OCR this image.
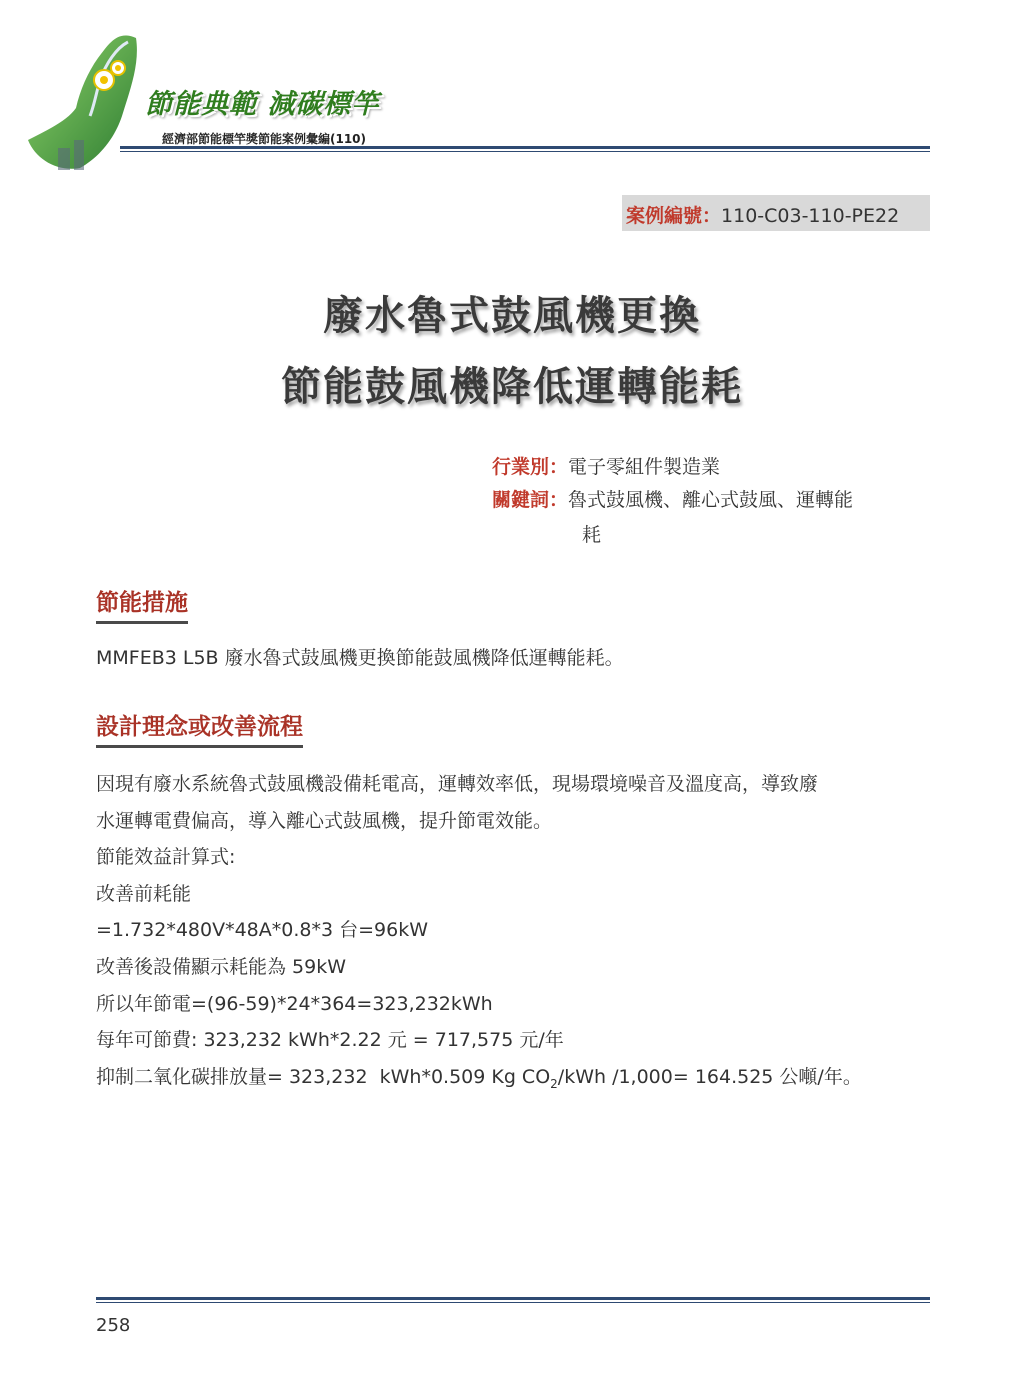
節能典範 減碳標竿
經濟部節能標竿獎節能案例彙編(110)
案例編號：110-C03-110-PE22
廢水魯式鼓風機更換
節能鼓風機降低運轉能耗
行業別：電子零組件製造業
關鍵詞：魯式鼓風機、離心式鼓風、運轉能
耗
節能措施
MMFEB3 L5B 廢水魯式鼓風機更換節能鼓風機降低運轉能耗。
設計理念或改善流程
因現有廢水系統魯式鼓風機設備耗電高，運轉效率低，現場環境噪音及溫度高，導致廢
水運轉電費偏高，導入離心式鼓風機，提升節電效能。
節能效益計算式:
改善前耗能
=1.732*480V*48A*0.8*3 台=96kW
改善後設備顯示耗能為 59kW
所以年節電=(96-59)*24*364=323,232kWh
每年可節費: 323,232 kWh*2.22 元 = 717,575 元/年
抑制二氧化碳排放量= 323,232  kWh*0.509 Kg $CO_2$/kWh /1,000= 164.525 公噸/年。
258
